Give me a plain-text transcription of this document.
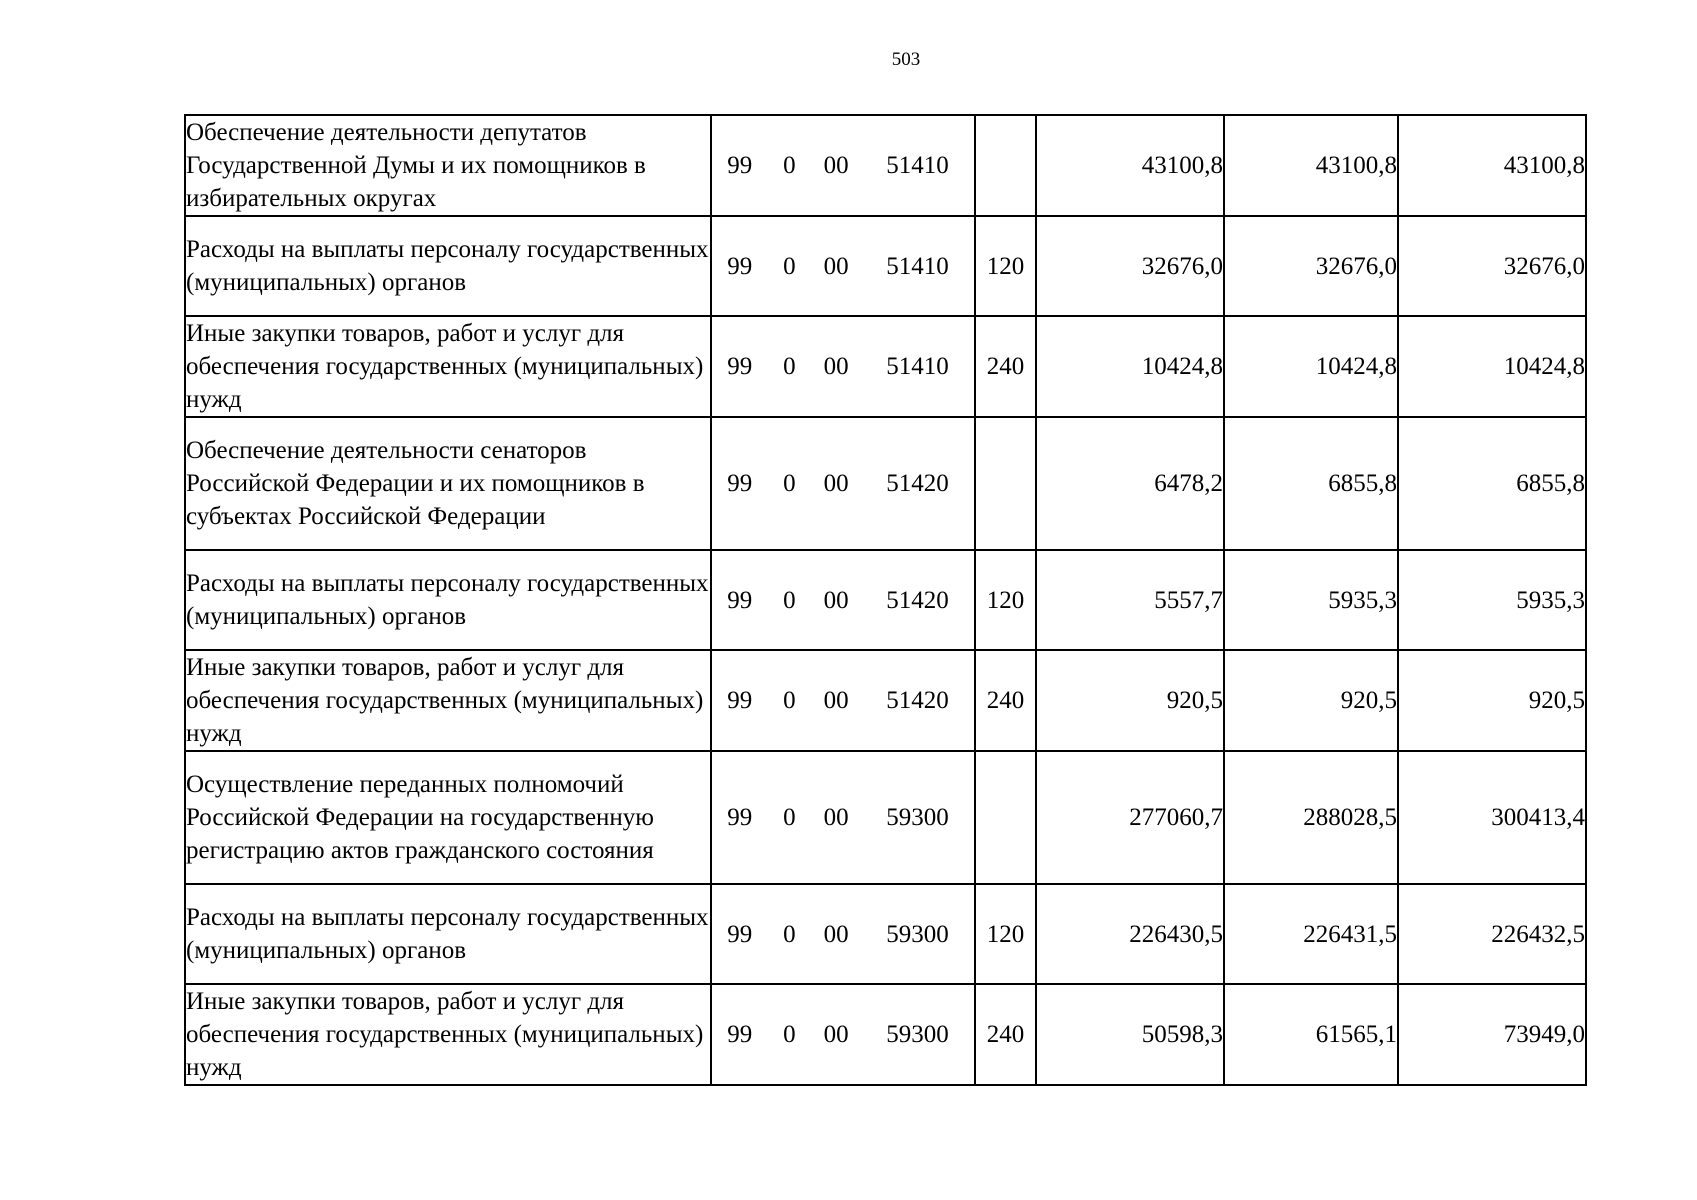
503
Обеспечение деятельности депутатов Государственной Думы и их помощников в избирательных округах	99 0 00 51410		43100,8	43100,8	43100,8
Расходы на выплаты персоналу государственных (муниципальных) органов	99 0 00 51410	120	32676,0	32676,0	32676,0
Иные закупки товаров, работ и услуг для обеспечения государственных (муниципальных) нужд	99 0 00 51410	240	10424,8	10424,8	10424,8
Обеспечение деятельности сенаторов Российской Федерации и их помощников в субъектах Российской Федерации	99 0 00 51420		6478,2	6855,8	6855,8
Расходы на выплаты персоналу государственных (муниципальных) органов	99 0 00 51420	120	5557,7	5935,3	5935,3
Иные закупки товаров, работ и услуг для обеспечения государственных (муниципальных) нужд	99 0 00 51420	240	920,5	920,5	920,5
Осуществление переданных полномочий Российской Федерации на государственную регистрацию актов гражданского состояния	99 0 00 59300		277060,7	288028,5	300413,4
Расходы на выплаты персоналу государственных (муниципальных) органов	99 0 00 59300	120	226430,5	226431,5	226432,5
Иные закупки товаров, работ и услуг для обеспечения государственных (муниципальных) нужд	99 0 00 59300	240	50598,3	61565,1	73949,0
